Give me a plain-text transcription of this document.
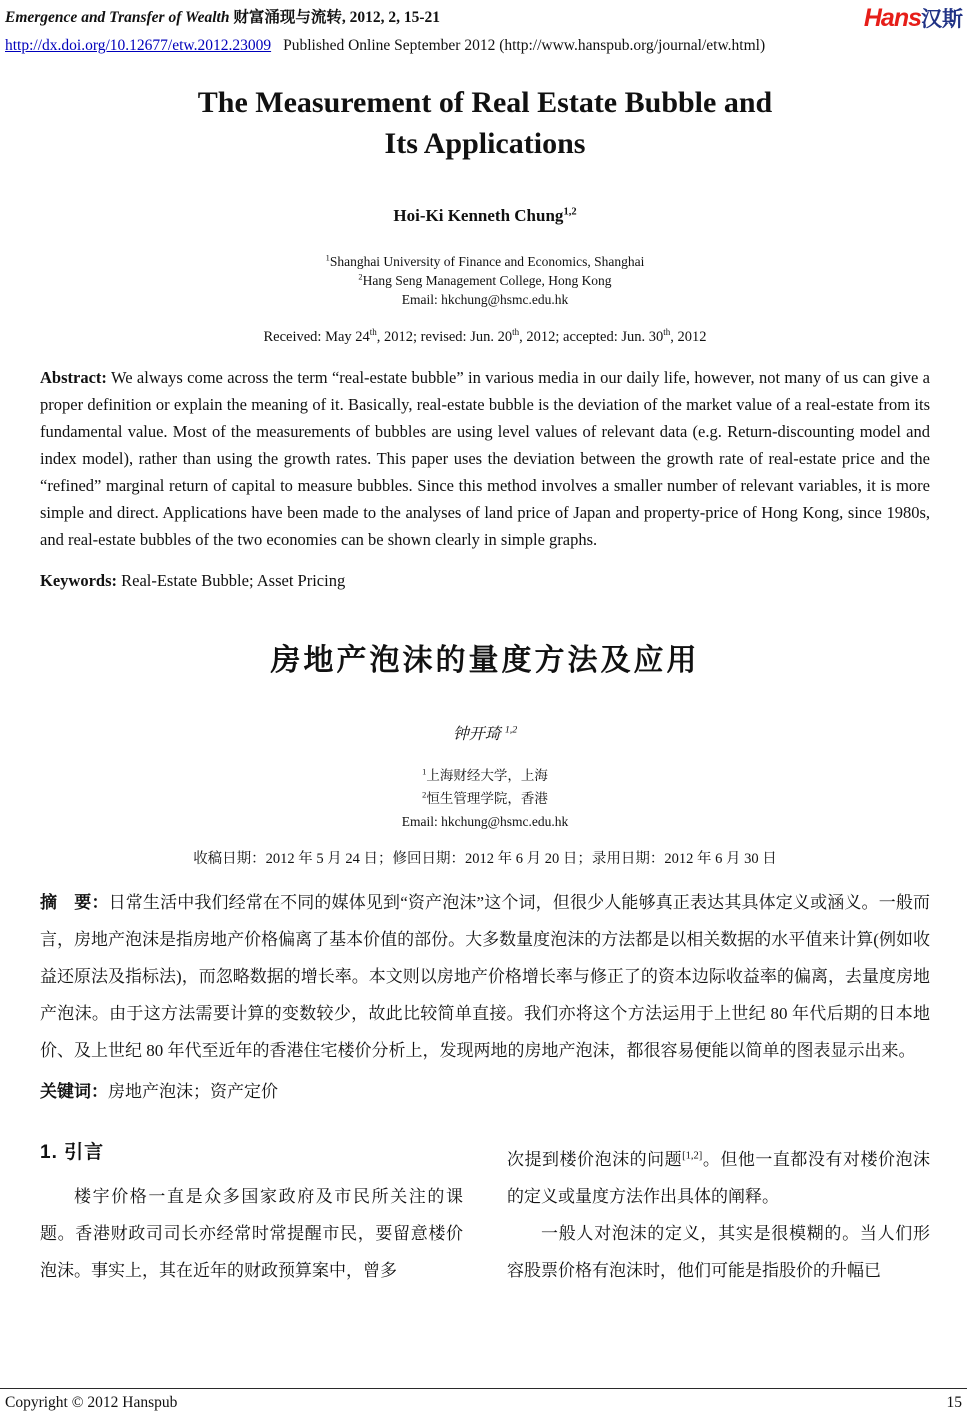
Emergence and Transfer of Wealth 财富涌现与流转, 2012, 2, 15-21	Hans汉斯
http://dx.doi.org/10.12677/etw.2012.23009 Published Online September 2012 (http://www.hanspub.org/journal/etw.html)
The Measurement of Real Estate Bubble and
Its Applications
Hoi-Ki Kenneth Chung$^{1,2}$
$^1$Shanghai University of Finance and Economics, Shanghai
$^2$Hang Seng Management College, Hong Kong
Email: hkchung@hsmc.edu.hk
Received: May 24th, 2012; revised: Jun. 20th, 2012; accepted: Jun. 30th, 2012

Abstract: We always come across the term “real-estate bubble” in various media in our daily life, however, not many of us can give a proper definition or explain the meaning of it. Basically, real-estate bubble is the deviation of the market value of a real-estate from its fundamental value. Most of the measurements of bubbles are using level values of relevant data (e.g. Return-discounting model and index model), rather than using the growth rates. This paper uses the deviation between the growth rate of real-estate price and the “refined” marginal return of capital to measure bubbles. Since this method involves a smaller number of relevant variables, it is more simple and direct. Applications have been made to the analyses of land price of Japan and property-price of Hong Kong, since 1980s, and real-estate bubbles of the two economies can be shown clearly in simple graphs.

Keywords: Real-Estate Bubble; Asset Pricing

房地产泡沫的量度方法及应用
钟开琦 $^{1,2}$
$^1$上海财经大学，上海
$^2$恒生管理学院，香港
Email: hkchung@hsmc.edu.hk
收稿日期：2012 年 5 月 24 日；修回日期：2012 年 6 月 20 日；录用日期：2012 年 6 月 30 日

摘　要：日常生活中我们经常在不同的媒体见到“资产泡沫”这个词，但很少人能够真正表达其具体定义或涵义。一般而言，房地产泡沫是指房地产价格偏离了基本价值的部份。大多数量度泡沫的方法都是以相关数据的水平值来计算(例如收益还原法及指标法)，而忽略数据的增长率。本文则以房地产价格增长率与修正了的资本边际收益率的偏离，去量度房地产泡沫。由于这方法需要计算的变数较少，故此比较简单直接。我们亦将这个方法运用于上世纪 80 年代后期的日本地价、及上世纪 80 年代至近年的香港住宅楼价分析上，发现两地的房地产泡沫，都很容易便能以简单的图表显示出来。

关键词：房地产泡沫；资产定价

1. 引言

楼宇价格一直是众多国家政府及市民所关注的课题。香港财政司司长亦经常时常提醒市民，要留意楼价泡沫。事实上，其在近年的财政预算案中，曾多

次提到楼价泡沫的问题[1,2]。但他一直都没有对楼价泡沫的定义或量度方法作出具体的阐释。

一般人对泡沫的定义，其实是很模糊的。当人们形容股票价格有泡沫时，他们可能是指股价的升幅已

Copyright © 2012 Hanspub	15
